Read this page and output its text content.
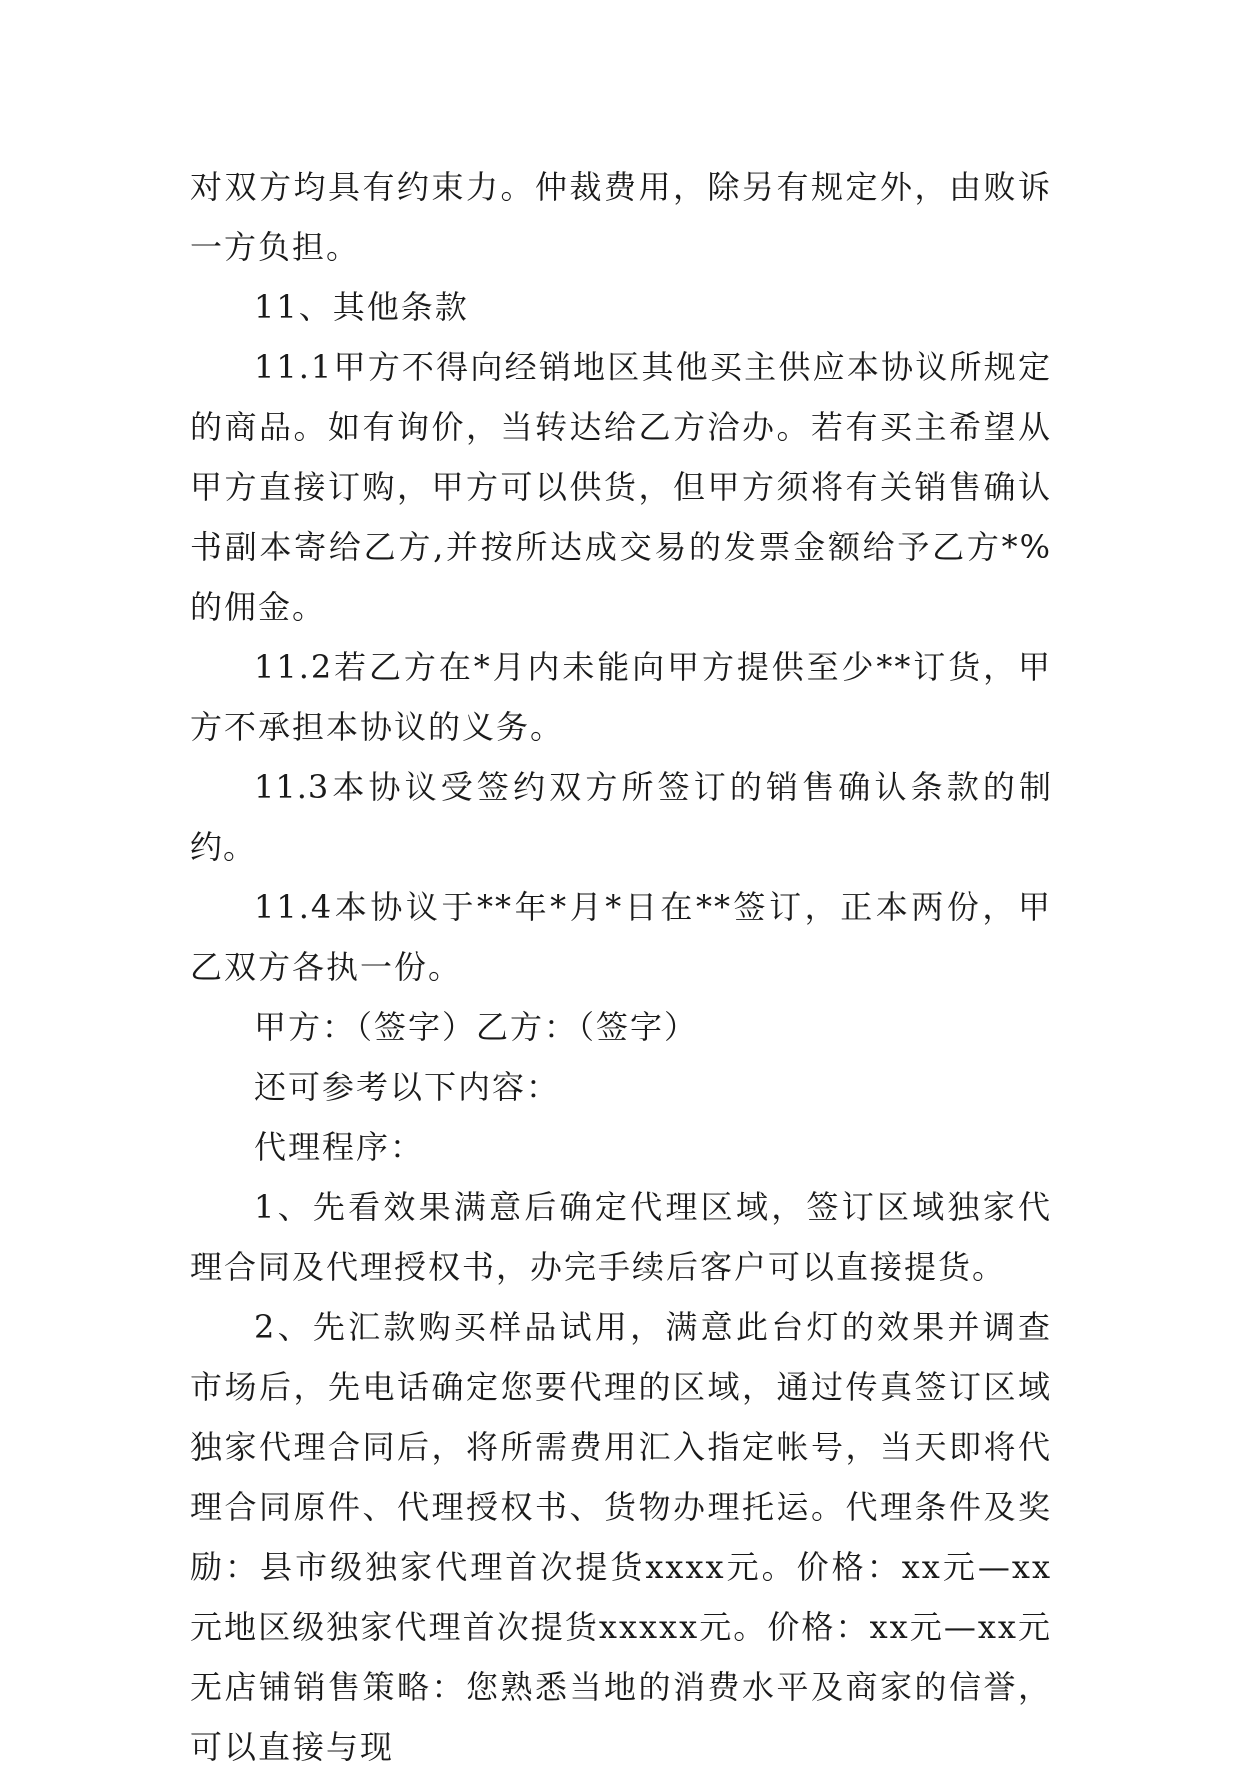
对双方均具有约束力。仲裁费用，除另有规定外，由败诉一方负担。

11、其他条款

11.1甲方不得向经销地区其他买主供应本协议所规定的商品。如有询价，当转达给乙方洽办。若有买主希望从甲方直接订购，甲方可以供货，但甲方须将有关销售确认书副本寄给乙方,并按所达成交易的发票金额给予乙方*%的佣金。

11.2若乙方在*月内未能向甲方提供至少**订货，甲方不承担本协议的义务。

11.3本协议受签约双方所签订的销售确认条款的制约。

11.4本协议于**年*月*日在**签订，正本两份，甲乙双方各执一份。

甲方：（签字）乙方：（签字）

还可参考以下内容：

代理程序：

1、先看效果满意后确定代理区域，签订区域独家代理合同及代理授权书，办完手续后客户可以直接提货。

2、先汇款购买样品试用，满意此台灯的效果并调查市场后，先电话确定您要代理的区域，通过传真签订区域独家代理合同后，将所需费用汇入指定帐号，当天即将代理合同原件、代理授权书、货物办理托运。代理条件及奖励：县市级独家代理首次提货xxxx元。价格：xx元—xx元地区级独家代理首次提货xxxxx元。价格：xx元—xx元无店铺销售策略：您熟悉当地的消费水平及商家的信誉，可以直接与现
